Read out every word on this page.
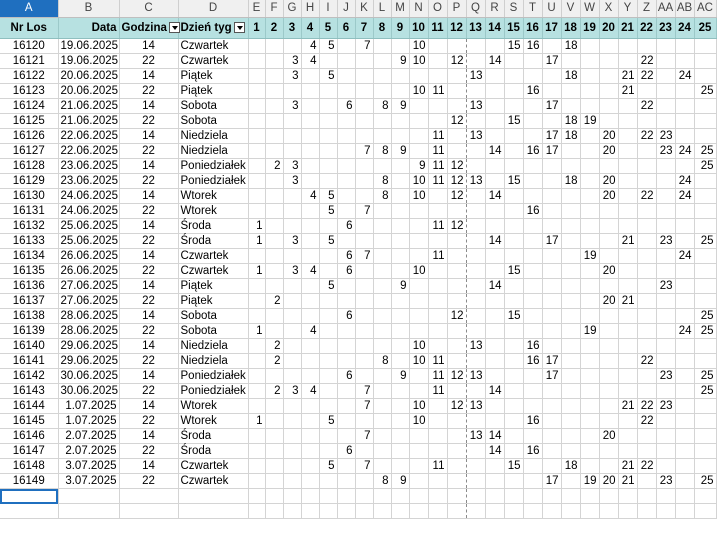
A	B	C	D	E	F	G	H	I	J	K	L	M	N	O	P	Q	R	S	T	U	V	W	X	Y	Z	AA	AB	AC
Nr Los	Data	Godzina	Dzień tyg	1	2	3	4	5	6	7	8	9	10	11	12	13	14	15	16	17	18	19	20	21	22	23	24	25
16120	19.06.2025	14	Czwartek				4	5		7			10					15	16		18							
16121	19.06.2025	22	Czwartek			3	4					9	10		12		14			17					22			
16122	20.06.2025	14	Piątek			3		5								13					18			21	22		24	
16123	20.06.2025	22	Piątek										10	11					16					21				25
16124	21.06.2025	14	Sobota			3			6		8	9				13				17					22			
16125	21.06.2025	22	Sobota												12			15			18	19						
16126	22.06.2025	14	Niedziela											11		13				17	18		20		22	23		
16127	22.06.2025	22	Niedziela							7	8	9		11			14		16	17			20			23	24	25
16128	23.06.2025	14	Poniedziałek		2	3							9	11	12													25
16129	23.06.2025	22	Poniedziałek			3					8		10	11	12	13		15			18		20				24	
16130	24.06.2025	14	Wtorek				4	5			8		10		12		14						20		22		24	
16131	24.06.2025	22	Wtorek					5		7									16									
16132	25.06.2025	14	Środa	1					6					11	12													
16133	25.06.2025	22	Środa	1		3		5									14			17				21		23		25
16134	26.06.2025	14	Czwartek						6	7				11								19					24	
16135	26.06.2025	22	Czwartek	1		3	4		6				10					15					20					
16136	27.06.2025	14	Piątek					5				9					14									23		
16137	27.06.2025	22	Piątek		2																		20	21				
16138	28.06.2025	14	Sobota						6						12			15										25
16139	28.06.2025	22	Sobota	1			4															19					24	25
16140	29.06.2025	14	Niedziela		2								10			13			16									
16141	29.06.2025	22	Niedziela		2						8		10	11					16	17					22			
16142	30.06.2025	14	Poniedziałek						6			9		11	12	13				17						23		25
16143	30.06.2025	22	Poniedziałek		2	3	4			7				11			14											25
16144	1.07.2025	14	Wtorek							7			10		12	13								21	22	23		
16145	1.07.2025	22	Wtorek	1				5					10						16						22			
16146	2.07.2025	14	Środa							7						13	14						20					
16147	2.07.2025	22	Środa						6								14		16									
16148	3.07.2025	14	Czwartek					5		7				11				15			18			21	22			
16149	3.07.2025	22	Czwartek								8	9								17		19	20	21		23		25
